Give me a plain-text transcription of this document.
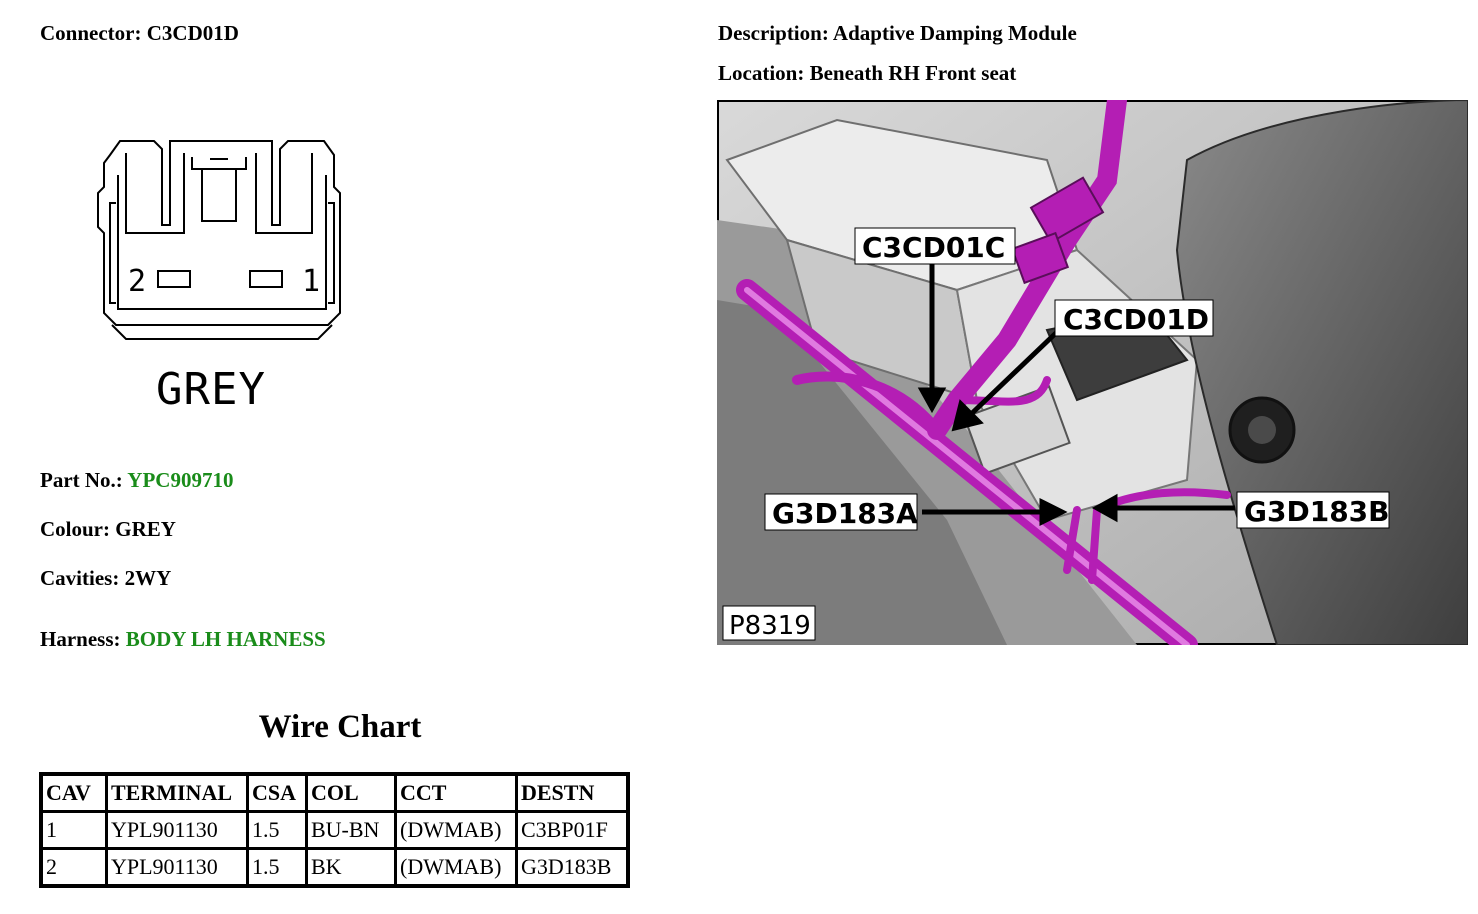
Connector: C3CD01D	Description: Adaptive Damping Module
Location: Beneath RH Front seat
2	1
GREY
Part No.: YPC909710
Colour: GREY
Cavities: 2WY
Harness: BODY LH HARNESS
Wire Chart
CAV	TERMINAL	CSA	COL	CCT	DESTN
1	YPL901130	1.5	BU-BN	(DWMAB)	C3BP01F
2	YPL901130	1.5	BK	(DWMAB)	G3D183B
C3CD01C
C3CD01D
G3D183A	G3D183B
P8319
